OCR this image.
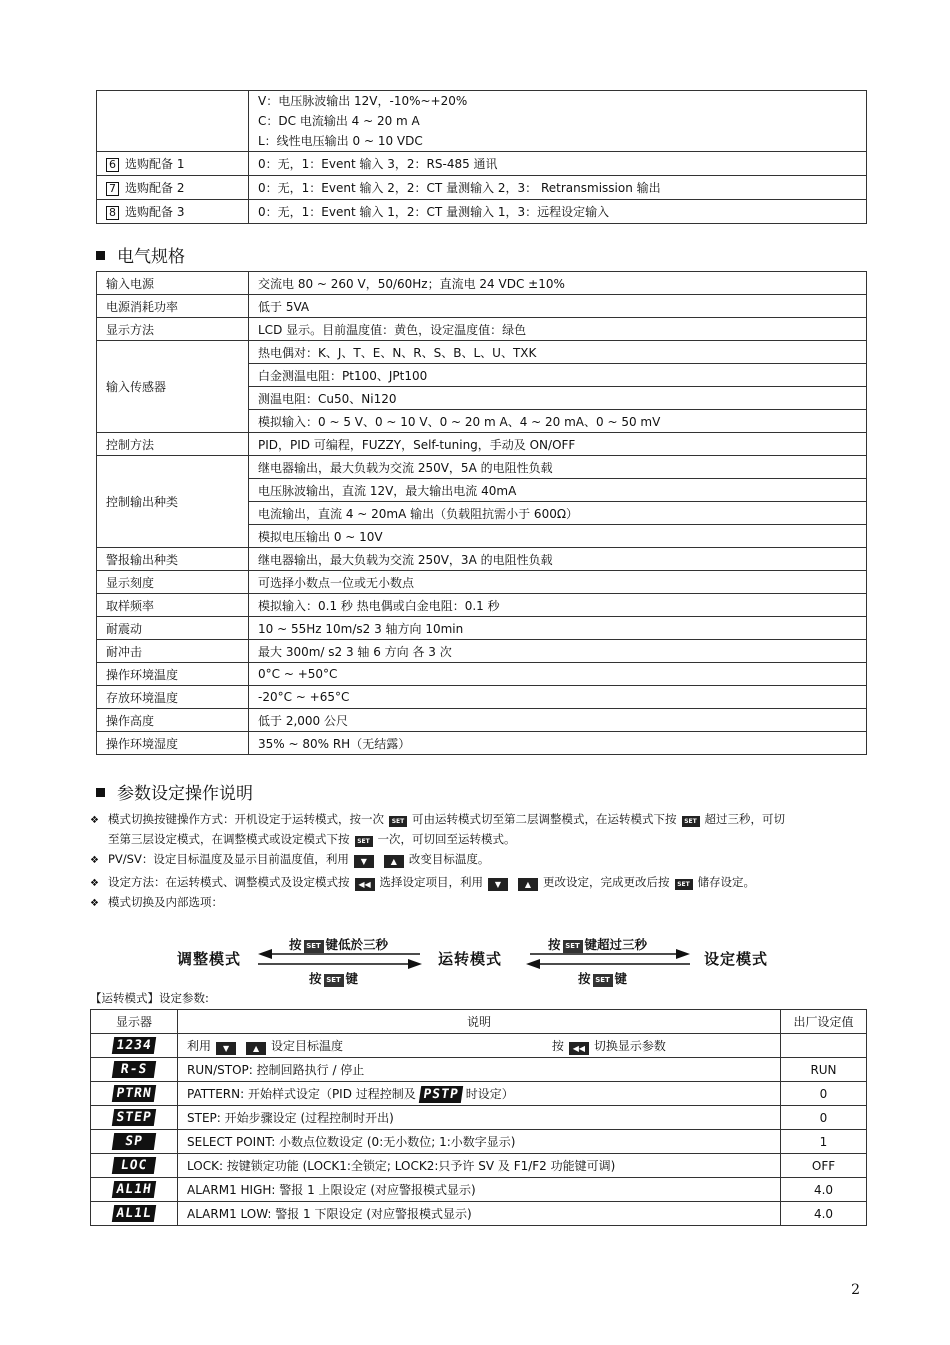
	V：电压脉波输出 12V，-10%~+20%
C：DC 电流输出 4 ~ 20 m A
L：线性电压输出 0 ~ 10 VDC

6 选购配备 1	0：无，1：Event 输入 3，2：RS-485 通讯
7 选购配备 2	0：无，1：Event 输入 2，2：CT 量测输入 2，3： Retransmission 输出
8 选购配备 3	0：无，1：Event 输入 1，2：CT 量测输入 1，3：远程设定输入
电气规格
输入电源	交流电 80 ~ 260 V，50/60Hz；直流电 24 VDC ±10%
电源消耗功率	低于 5VA
显示方法	LCD 显示。目前温度值：黄色，设定温度值：绿色
输入传感器	热电偶对：K、J、T、E、N、R、S、B、L、U、TXK
	白金测温电阻：Pt100、JPt100
	测温电阻：Cu50、Ni120
	模拟输入：0 ~ 5 V、0 ~ 10 V、0 ~ 20 m A、4 ~ 20 mA、0 ~ 50 mV
控制方法	PID，PID 可编程，FUZZY，Self-tuning，手动及 ON/OFF
控制输出种类	继电器输出，最大负载为交流 250V，5A 的电阻性负载
	电压脉波输出，直流 12V，最大输出电流 40mA
	电流输出，直流 4 ~ 20mA 输出（负载阻抗需小于 600Ω）
	模拟电压输出 0 ~ 10V
警报输出种类	继电器输出，最大负载为交流 250V，3A 的电阻性负载
显示刻度	可选择小数点一位或无小数点
取样频率	模拟输入：0.1 秒 热电偶或白金电阻：0.1 秒
耐震动	10 ~ 55Hz 10m/s2 3 轴方向 10min
耐冲击	最大 300m/ s2 3 轴 6 方向 各 3 次
操作环境温度	0°C ~ +50°C
存放环境温度	-20°C ~ +65°C
操作高度	低于 2,000 公尺
操作环境湿度	35% ~ 80% RH（无结露）
参数设定操作说明
❖ 模式切换按键操作方式：开机设定于运转模式，按一次 SET 可由运转模式切至第二层调整模式，在运转模式下按 SET 超过三秒，可切
至第三层设定模式，在调整模式或设定模式下按 SET 一次，可切回至运转模式。
❖ PV/SV：设定目标温度及显示目前温度值，利用 ▼	▲ 改变目标温度。
❖ 设定方法：在运转模式、调整模式及设定模式按 ◀◀ 选择设定项目，利用 ▼	▲ 更改设定，完成更改后按 SET 储存设定。
❖ 模式切换及内部选项：
调整模式	运转模式	设定模式
按 SET 键低於三秒	按 SET 键超过三秒
按 SET 键	按 SET 键
【运转模式】设定参数:
显示器	说明	出厂设定值
1234	利用 ▼ ▲ 设定目标温度 按 ◀◀ 切换显示参数	
R-S	RUN/STOP: 控制回路执行 / 停止	RUN
PTRN	PATTERN: 开始样式设定（PID 过程控制及 PSTP 时设定）	0
STEP	STEP: 开始步骤设定 (过程控制时开出)	0
SP	SELECT POINT: 小数点位数设定 (0:无小数位; 1:小数字显示)	1
LOC	LOCK: 按键锁定功能 (LOCK1:全锁定; LOCK2:只予许 SV 及 F1/F2 功能键可调)	OFF
AL1H	ALARM1 HIGH: 警报 1 上限设定 (对应警报模式显示)	4.0
AL1L	ALARM1 LOW: 警报 1 下限设定 (对应警报模式显示)	4.0
2
